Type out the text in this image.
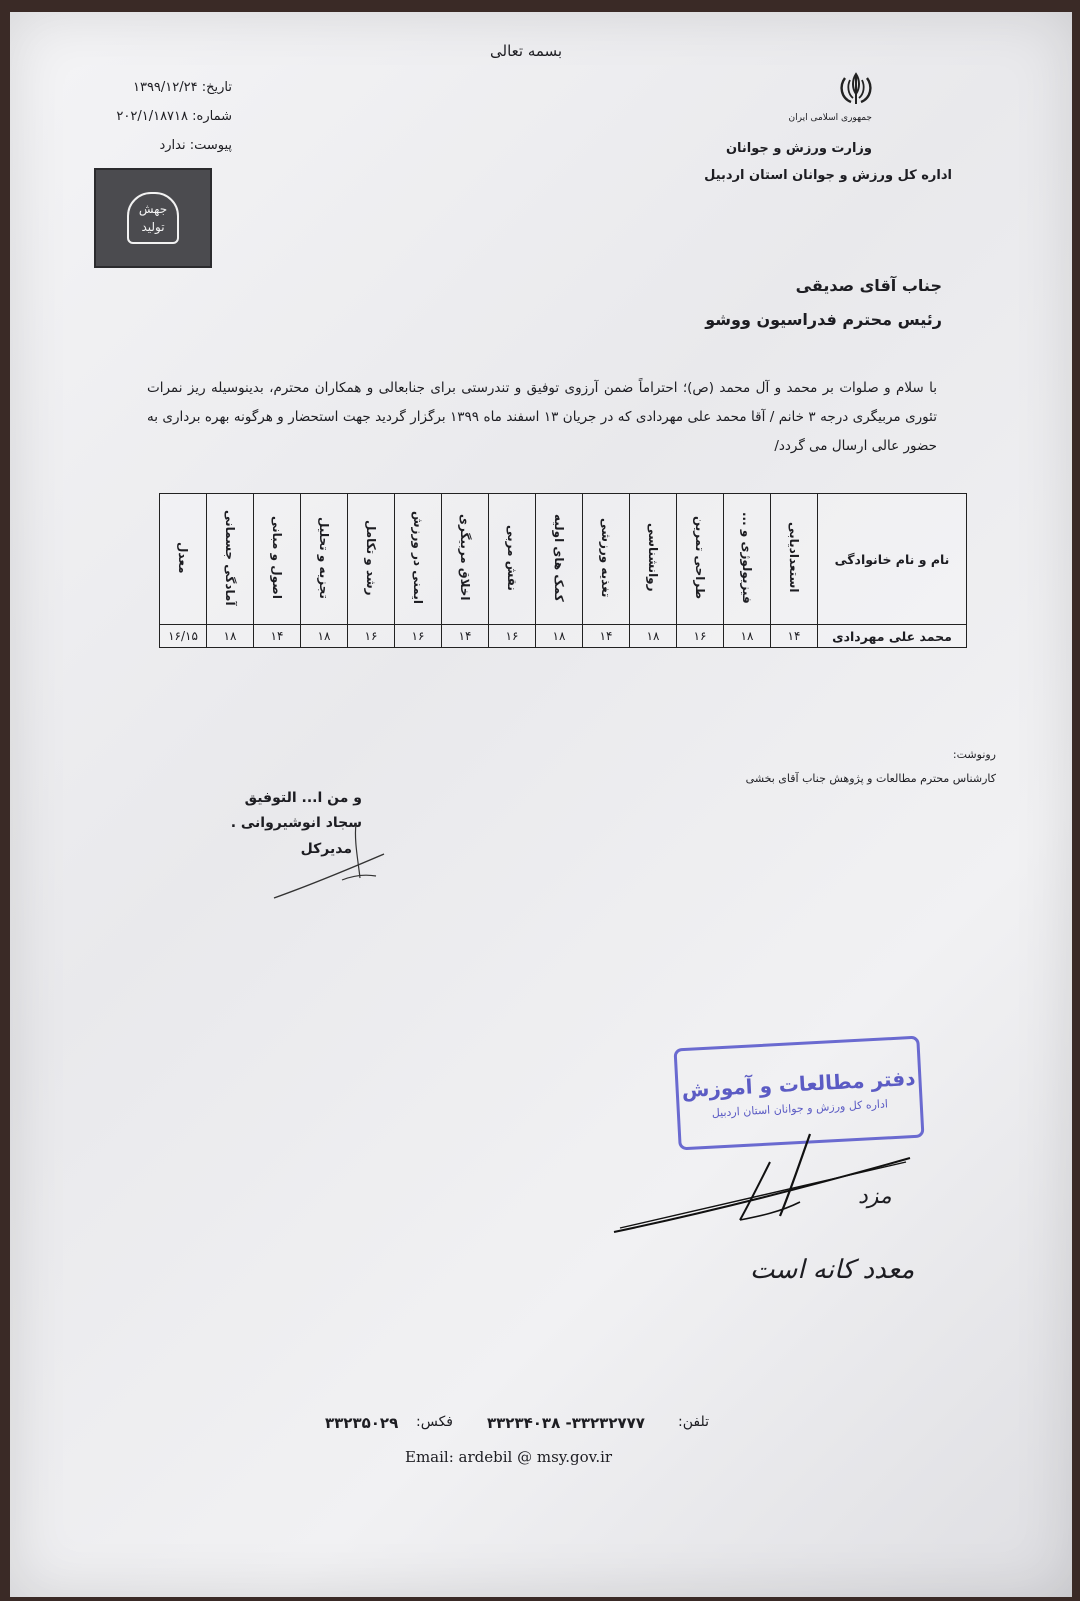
بسمه تعالی
جمهوری اسلامی ایران
وزارت ورزش و جوانان
اداره کل ورزش و جوانان استان اردبیل
تاریخ: ۱۳۹۹/۱۲/۲۴
شماره: ۲۰۲/۱/۱۸۷۱۸
پیوست: ندارد
جهش
تولید
جناب آقای صدیقی
رئیس محترم فدراسیون ووشو
با سلام و صلوات بر محمد و آل محمد (ص)؛ احتراماً ضمن آرزوی توفیق و تندرستی برای جنابعالی و همکاران محترم، بدینوسیله ریز نمرات تئوری مربیگری درجه ۳ خانم / آقا محمد علی مهردادی که در جریان ۱۳ اسفند ماه ۱۳۹۹ برگزار گردید جهت استحضار و هرگونه بهره برداری به حضور عالی ارسال می گردد/
نام و نام خانوادگی	استعدادیابی	فیزیولوژی و ...	طراحی تمرین	روانشناسی	تغذیه ورزشی	کمک های اولیه	نقش مربی	اخلاق مربیگری	ایمنی در ورزش	رشد و تکامل	تجزیه و تحلیل	اصول و مبانی	آمادگی جسمانی	معدل
محمد علی مهردادی	۱۴	۱۸	۱۶	۱۸	۱۴	۱۸	۱۶	۱۴	۱۶	۱۶	۱۸	۱۴	۱۸	۱۶/۱۵
رونوشت:
کارشناس محترم مطالعات و پژوهش جناب آقای بخشی
و من ا... التوفیق
سجاد انوشیروانی .
مدیرکل
دفتر مطالعات و آموزش
اداره کل ورزش و جوانان استان اردبیل
مزد
معدد کانه است
تلفن:
۳۳۲۳۲۷۷۷- ۳۳۲۳۴۰۳۸
فکس:
۳۳۲۳۵۰۲۹
Email: ardebil @ msy.gov.ir
